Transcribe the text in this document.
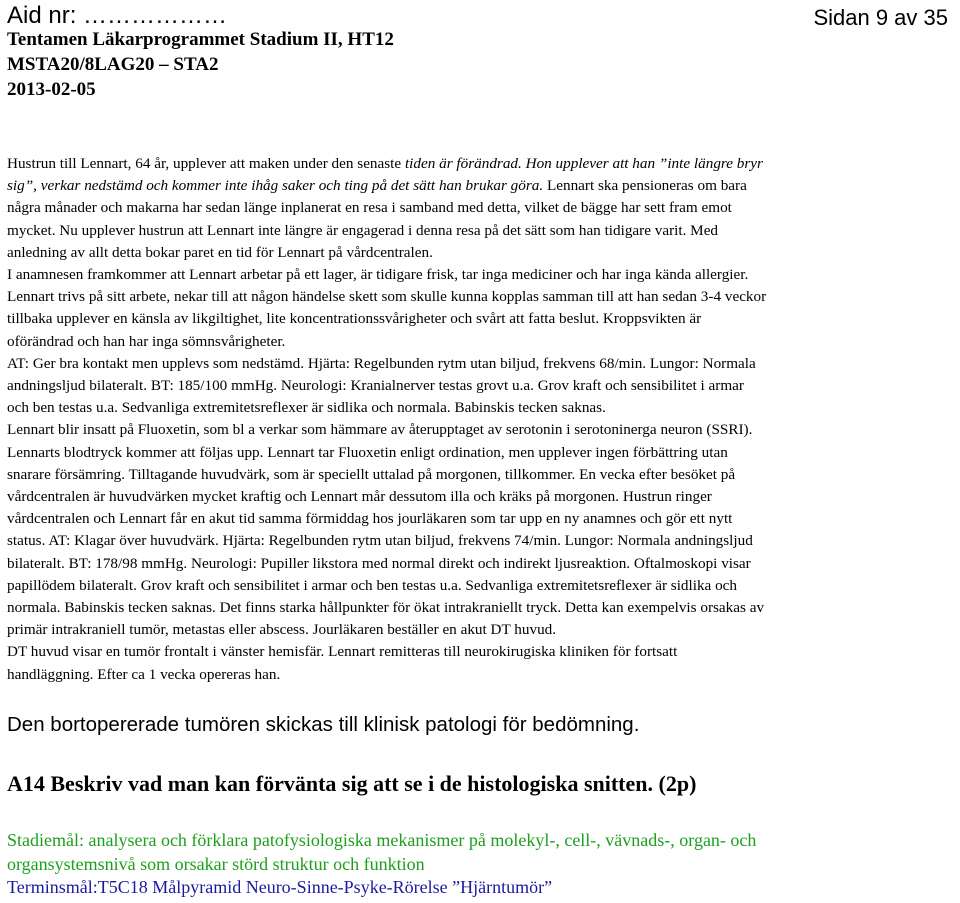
Aid nr: ………………	Sidan 9 av 35
Tentamen Läkarprogrammet Stadium II, HT12
MSTA20/8LAG20 – STA2
2013-02-05

Hustrun till Lennart, 64 år, upplever att maken under den senaste tiden är förändrad. Hon upplever att han ”inte längre bryr

sig”, verkar nedstämd och kommer inte ihåg saker och ting på det sätt han brukar göra. Lennart ska pensioneras om bara

några månader och makarna har sedan länge inplanerat en resa i samband med detta, vilket de bägge har sett fram emot

mycket. Nu upplever hustrun att Lennart inte längre är engagerad i denna resa på det sätt som han tidigare varit. Med

anledning av allt detta bokar paret en tid för Lennart på vårdcentralen.

I anamnesen framkommer att Lennart arbetar på ett lager, är tidigare frisk, tar inga mediciner och har inga kända allergier.

Lennart trivs på sitt arbete, nekar till att någon händelse skett som skulle kunna kopplas samman till att han sedan 3-4 veckor

tillbaka upplever en känsla av likgiltighet, lite koncentrationssvårigheter och svårt att fatta beslut. Kroppsvikten är

oförändrad och han har inga sömnsvårigheter.

AT: Ger bra kontakt men upplevs som nedstämd. Hjärta: Regelbunden rytm utan biljud, frekvens 68/min. Lungor: Normala

andningsljud bilateralt. BT: 185/100 mmHg. Neurologi: Kranialnerver testas grovt u.a. Grov kraft och sensibilitet i armar

och ben testas u.a. Sedvanliga extremitetsreflexer är sidlika och normala. Babinskis tecken saknas.

Lennart blir insatt på Fluoxetin, som bl a verkar som hämmare av återupptaget av serotonin i serotoninerga neuron (SSRI).

Lennarts blodtryck kommer att följas upp. Lennart tar Fluoxetin enligt ordination, men upplever ingen förbättring utan

snarare försämring. Tilltagande huvudvärk, som är speciellt uttalad på morgonen, tillkommer. En vecka efter besöket på

vårdcentralen är huvudvärken mycket kraftig och Lennart mår dessutom illa och kräks på morgonen. Hustrun ringer

vårdcentralen och Lennart får en akut tid samma förmiddag hos jourläkaren som tar upp en ny anamnes och gör ett nytt

status. AT: Klagar över huvudvärk. Hjärta: Regelbunden rytm utan biljud, frekvens 74/min. Lungor: Normala andningsljud

bilateralt. BT: 178/98 mmHg. Neurologi: Pupiller likstora med normal direkt och indirekt ljusreaktion. Oftalmoskopi visar

papillödem bilateralt. Grov kraft och sensibilitet i armar och ben testas u.a. Sedvanliga extremitetsreflexer är sidlika och

normala. Babinskis tecken saknas. Det finns starka hållpunkter för ökat intrakraniellt tryck. Detta kan exempelvis orsakas av

primär intrakraniell tumör, metastas eller abscess. Jourläkaren beställer en akut DT huvud.

DT huvud visar en tumör frontalt i vänster hemisfär. Lennart remitteras till neurokirugiska kliniken för fortsatt

handläggning. Efter ca 1 vecka opereras han.

Den bortopererade tumören skickas till klinisk patologi för bedömning.
A14 Beskriv vad man kan förvänta sig att se i de histologiska snitten. (2p)
Stadiemål: analysera och förklara patofysiologiska mekanismer på molekyl-, cell-, vävnads-, organ- och
organsystemsnivå som orsakar störd struktur och funktion
Terminsmål:T5C18 Målpyramid Neuro-Sinne-Psyke-Rörelse ”Hjärntumör”
